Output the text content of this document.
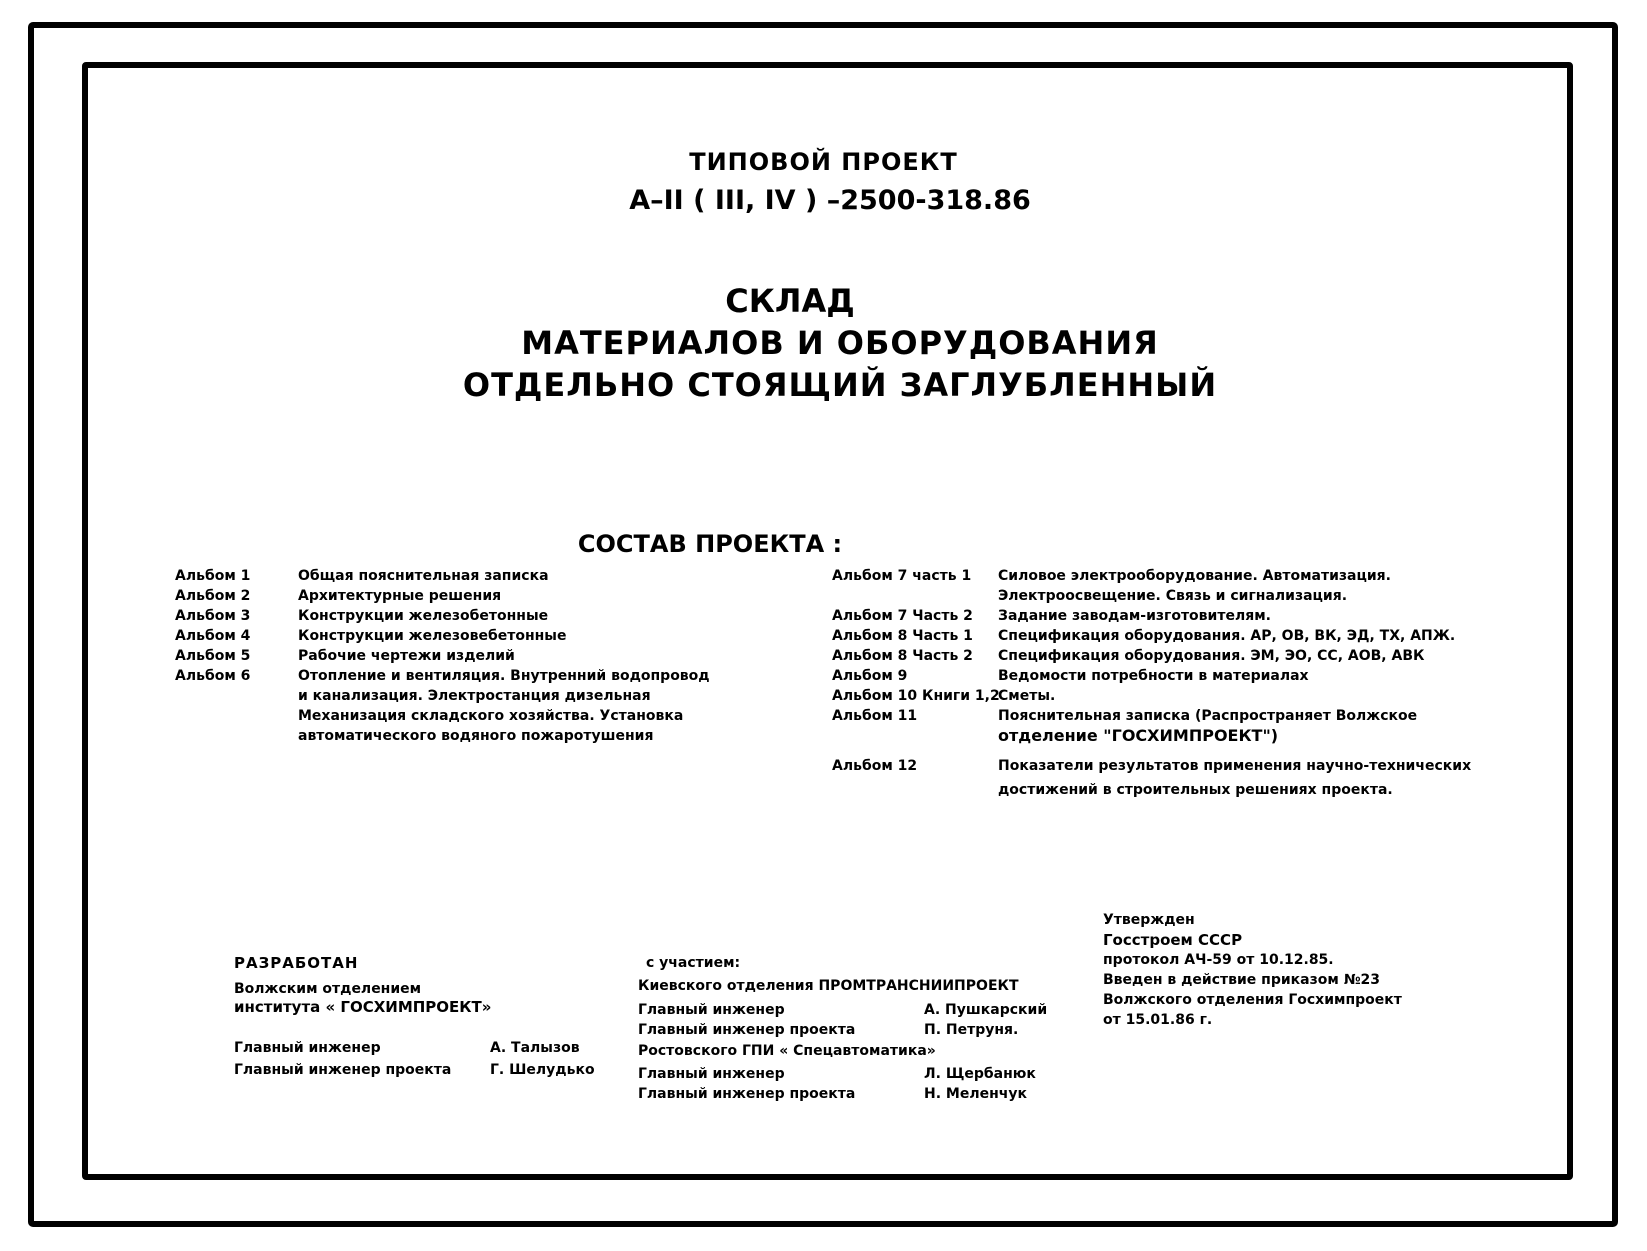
ТИПОВОЙ ПРОЕКТ
А–II ( III, IV ) –2500-318.86
СКЛАД
МАТЕРИАЛОВ И ОБОРУДОВАНИЯ
ОТДЕЛЬНО СТОЯЩИЙ ЗАГЛУБЛЕННЫЙ
СОСТАВ ПРОЕКТА :
Альбом 1
Альбом 2
Альбом 3
Альбом 4
Альбом 5
Альбом 6
Общая пояснительная записка
Архитектурные решения
Конструкции железобетонные
Конструкции железовебетонные
Рабочие чертежи изделий
Отопление и вентиляция. Внутренний водопровод
и канализация. Электростанция дизельная
Механизация складского хозяйства. Установка
автоматического водяного пожаротушения
Альбом 7 часть 1

Альбом 7 Часть 2
Альбом 8 Часть 1
Альбом 8 Часть 2
Альбом 9
Альбом 10 Книги 1,2
Альбом 11

Альбом 12
Силовое электрооборудование. Автоматизация.
Электроосвещение. Связь и сигнализация.
Задание заводам-изготовителям.
Спецификация оборудования. АР, ОВ, ВК, ЭД, ТХ, АПЖ.
Спецификация оборудования. ЭМ, ЭО, СС, АОВ, АВК
Ведомости потребности в материалах
Сметы.
Пояснительная записка (Распространяет Волжское
отделение "ГОСХИМПРОЕКТ")
Показатели результатов применения научно-технических
достижений в строительных решениях проекта.
РАЗРАБОТАН
Волжским отделением
института « ГОСХИМПРОЕКТ»
Главный инженер
Главный инженер проекта
А. Талызов
Г. Шелудько
с участием:
Киевского отделения ПРОМТРАНСНИИПРОЕКТ
Главный инженер
Главный инженер проекта
А. Пушкарский
П. Петруня.
Ростовского ГПИ « Спецавтоматика»
Главный инженер
Главный инженер проекта
Л. Щербанюк
Н. Меленчук
Утвержден
Госстроем СССР
протокол АЧ-59 от 10.12.85.
Введен в действие приказом №23
Волжского отделения Госхимпроект
от 15.01.86 г.
